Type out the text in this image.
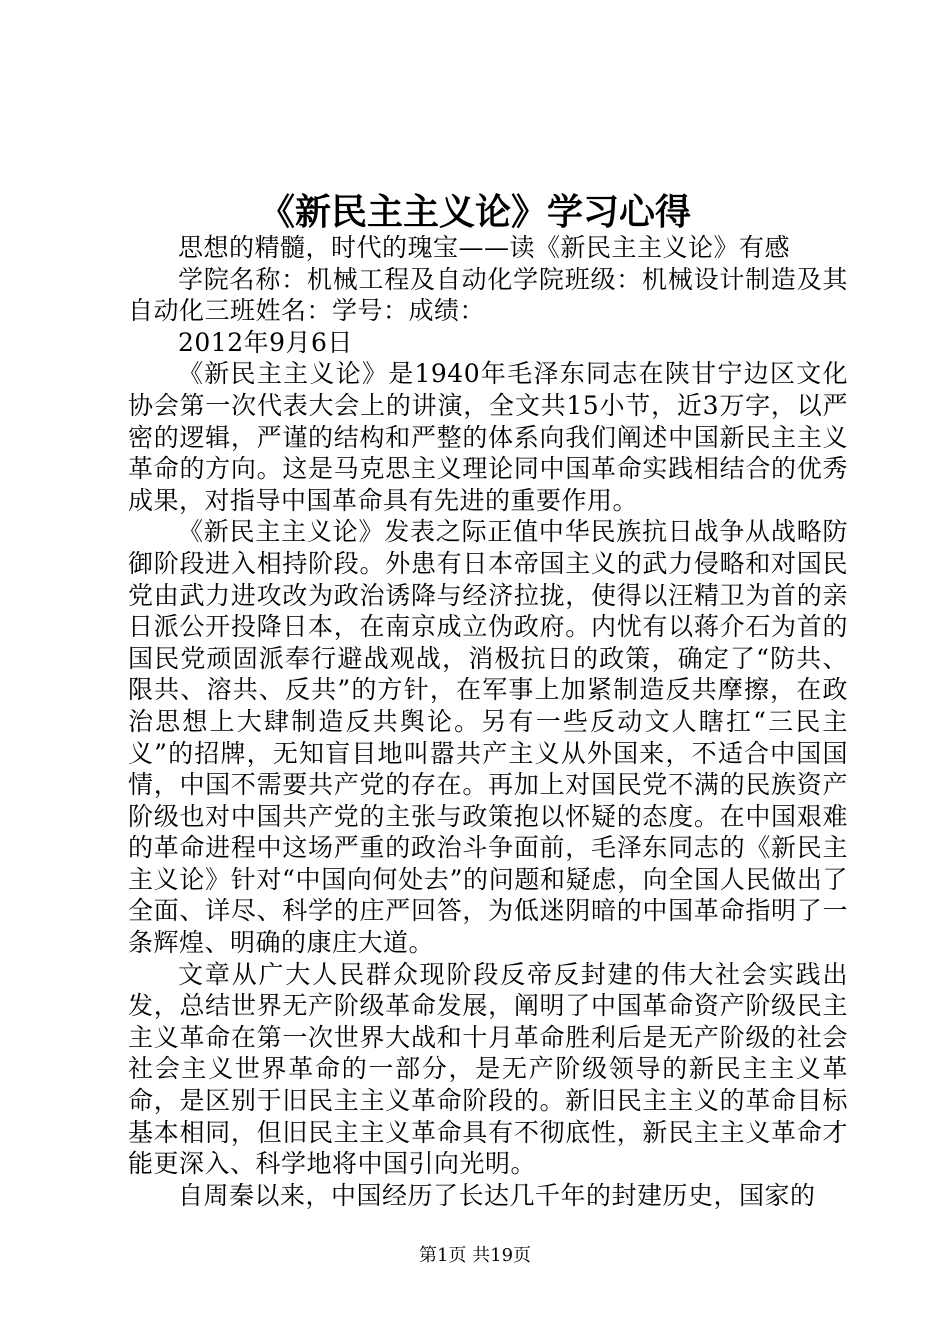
《新民主主义论》学习心得

思想的精髓，时代的瑰宝——读《新民主主义论》有感

学院名称：机械工程及自动化学院班级：机械设计制造及其自动化三班姓名：学号：成绩：

2012年9月6日

《新民主主义论》是1940年毛泽东同志在陕甘宁边区文化协会第一次代表大会上的讲演，全文共15小节，近3万字，以严密的逻辑，严谨的结构和严整的体系向我们阐述中国新民主主义革命的方向。这是马克思主义理论同中国革命实践相结合的优秀成果，对指导中国革命具有先进的重要作用。

《新民主主义论》发表之际正值中华民族抗日战争从战略防御阶段进入相持阶段。外患有日本帝国主义的武力侵略和对国民党由武力进攻改为政治诱降与经济拉拢，使得以汪精卫为首的亲日派公开投降日本，在南京成立伪政府。内忧有以蒋介石为首的国民党顽固派奉行避战观战，消极抗日的政策，确定了“防共、限共、溶共、反共”的方针，在军事上加紧制造反共摩擦，在政治思想上大肆制造反共舆论。另有一些反动文人瞎扛“三民主义”的招牌，无知盲目地叫嚣共产主义从外国来，不适合中国国情，中国不需要共产党的存在。再加上对国民党不满的民族资产阶级也对中国共产党的主张与政策抱以怀疑的态度。在中国艰难的革命进程中这场严重的政治斗争面前，毛泽东同志的《新民主主义论》针对“中国向何处去”的问题和疑虑，向全国人民做出了全面、详尽、科学的庄严回答，为低迷阴暗的中国革命指明了一条辉煌、明确的康庄大道。

文章从广大人民群众现阶段反帝反封建的伟大社会实践出发，总结世界无产阶级革命发展，阐明了中国革命资产阶级民主主义革命在第一次世界大战和十月革命胜利后是无产阶级的社会社会主义世界革命的一部分，是无产阶级领导的新民主主义革命，是区别于旧民主主义革命阶段的。新旧民主主义的革命目标基本相同，但旧民主主义革命具有不彻底性，新民主主义革命才能更深入、科学地将中国引向光明。

自周秦以来，中国经历了长达几千年的封建历史，国家的

第1页 共19页
